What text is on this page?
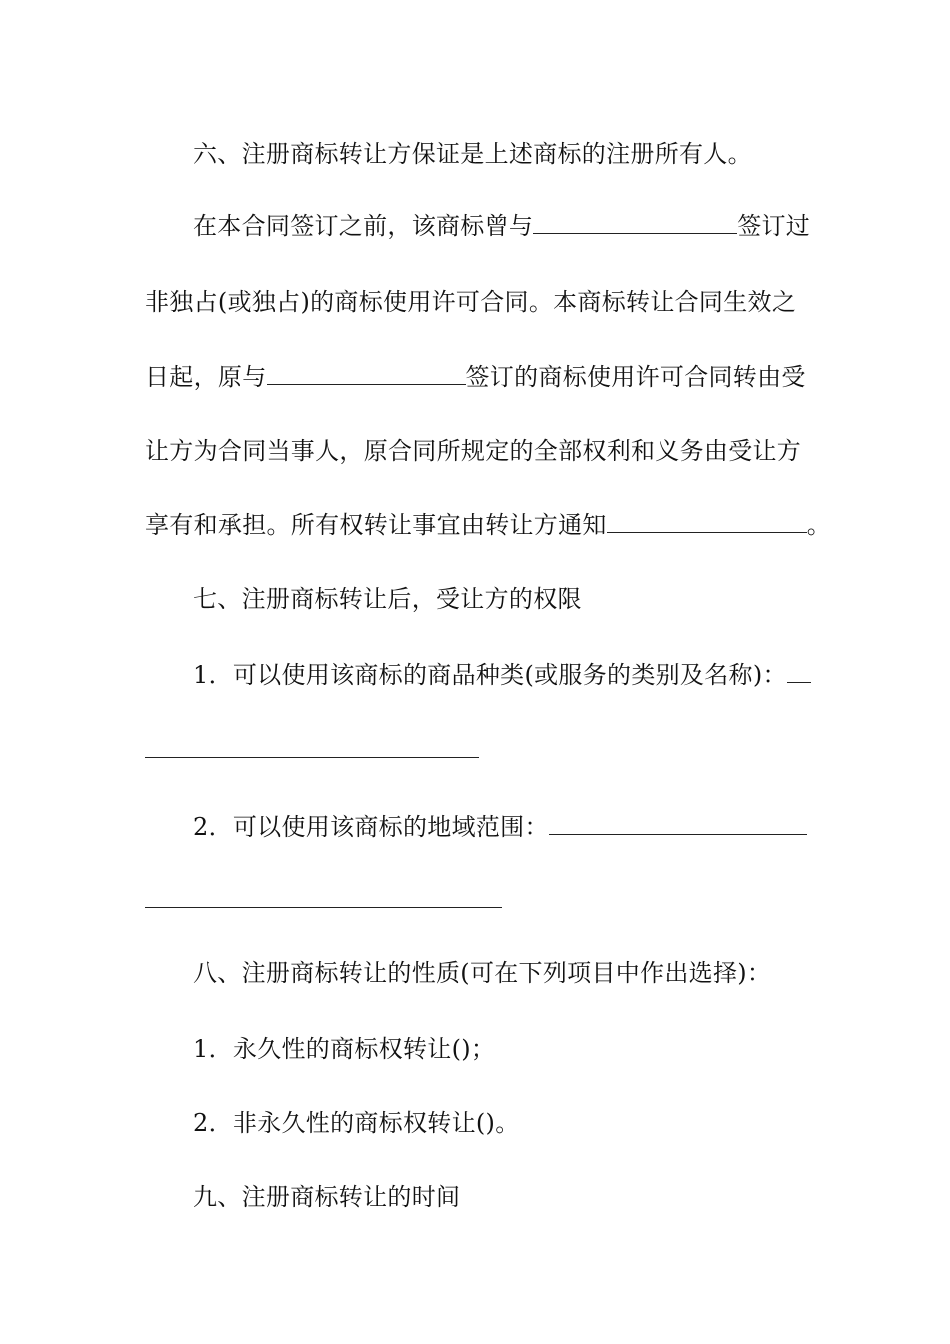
六、注册商标转让方保证是上述商标的注册所有人。
在本合同签订之前，该商标曾与	签订过
非独占(或独占)的商标使用许可合同。本商标转让合同生效之
日起，原与	签订的商标使用许可合同转由受
让方为合同当事人，原合同所规定的全部权利和义务由受让方
享有和承担。所有权转让事宜由转让方通知	。
七、注册商标转让后，受让方的权限
1．可以使用该商标的商品种类(或服务的类别及名称)：
2．可以使用该商标的地域范围：
八、注册商标转让的性质(可在下列项目中作出选择)：
1．永久性的商标权转让()；
2．非永久性的商标权转让()。
九、注册商标转让的时间
